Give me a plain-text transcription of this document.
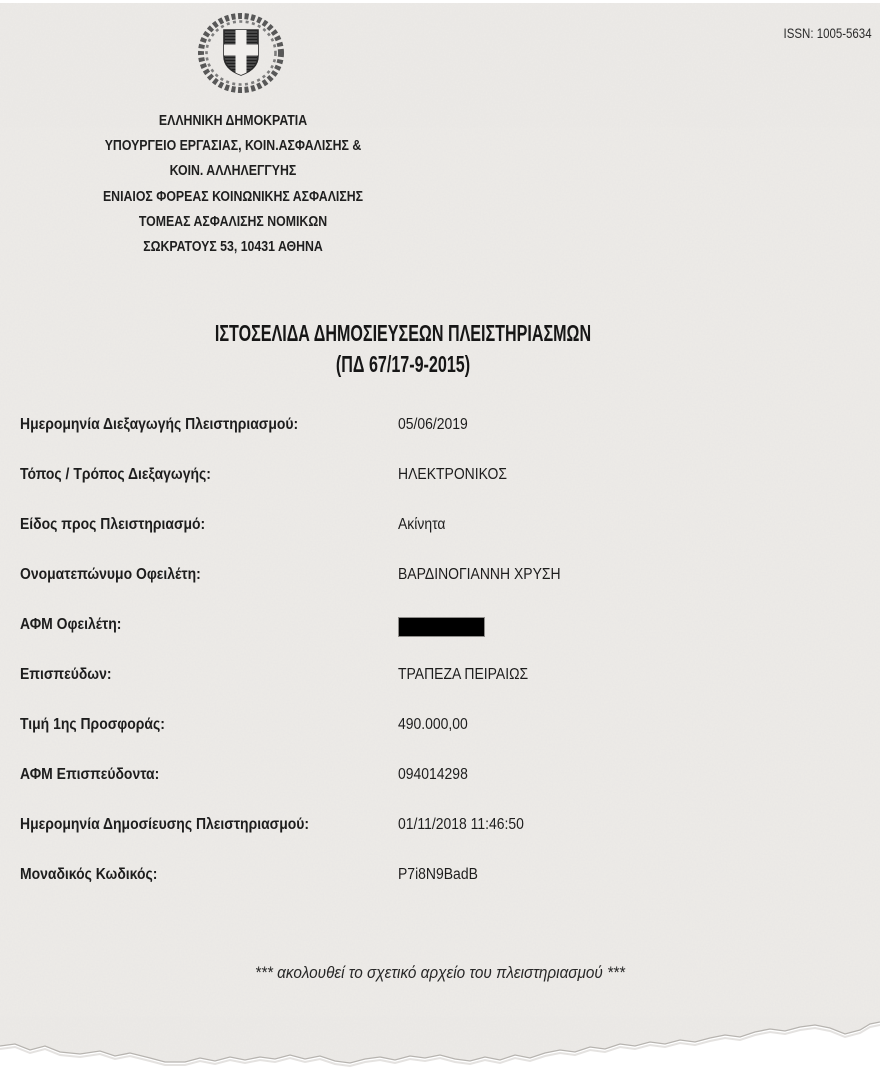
ISSN: 1005-5634
ΕΛΛΗΝΙΚΗ ΔΗΜΟΚΡΑΤΙΑ
ΥΠΟΥΡΓΕΙΟ ΕΡΓΑΣΙΑΣ, ΚΟΙΝ.ΑΣΦΑΛΙΣΗΣ &
ΚΟΙΝ. ΑΛΛΗΛΕΓΓΥΗΣ
ΕΝΙΑΙΟΣ ΦΟΡΕΑΣ ΚΟΙΝΩΝΙΚΗΣ ΑΣΦΑΛΙΣΗΣ
ΤΟΜΕΑΣ ΑΣΦΑΛΙΣΗΣ ΝΟΜΙΚΩΝ
ΣΩΚΡΑΤΟΥΣ 53, 10431 ΑΘΗΝΑ
ΙΣΤΟΣΕΛΙΔΑ ΔΗΜΟΣΙΕΥΣΕΩΝ ΠΛΕΙΣΤΗΡΙΑΣΜΩΝ
(ΠΔ 67/17-9-2015)
Ημερομηνία Διεξαγωγής Πλειστηριασμού:	05/06/2019
Τόπος / Τρόπος Διεξαγωγής:	ΗΛΕΚΤΡΟΝΙΚΟΣ
Είδος προς Πλειστηριασμό:	Ακίνητα
Ονοματεπώνυμο Οφειλέτη:	ΒΑΡΔΙΝΟΓΙΑΝΝΗ ΧΡΥΣΗ
ΑΦΜ Οφειλέτη:
Επισπεύδων:	ΤΡΑΠΕΖΑ ΠΕΙΡΑΙΩΣ
Τιμή 1ης Προσφοράς:	490.000,00
ΑΦΜ Επισπεύδοντα:	094014298
Ημερομηνία Δημοσίευσης Πλειστηριασμού:	01/11/2018 11:46:50
Μοναδικός Κωδικός:	P7i8N9BadB
*** ακολουθεί το σχετικό αρχείο του πλειστηριασμού ***
